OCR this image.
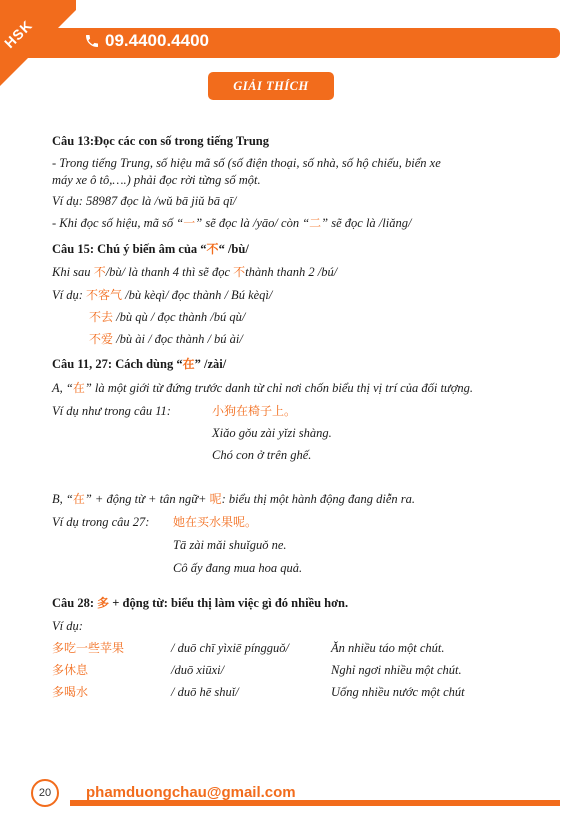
HSK	09.4400.4400
GIẢI THÍCH
Câu 13:Đọc các con số trong tiếng Trung
- Trong tiếng Trung, số hiệu mã số (số điện thoại, số nhà, số hộ chiếu, biển xe
máy xe ô tô,….) phải đọc rời từng số một.
Ví dụ: 58987 đọc là /wǔ bā jiǔ bā qī/
- Khi đọc số hiệu, mã số “一” sẽ đọc là /yāo/ còn “二” sẽ đọc là /liǎng/
Câu 15: Chú ý biến âm của “不“ /bù/
Khi sau 不/bù/ là thanh 4 thì sẽ đọc 不thành thanh 2 /bú/
Ví dụ: 不客气 /bù kèqì/ đọc thành / Bú kèqì/
不去 /bù qù / đọc thành /bú qù/
不爱 /bù ài / đọc thành / bú ài/
Câu 11, 27: Cách dùng “在” /zài/
A, “在” là một giới từ đứng trước danh từ chỉ nơi chốn biểu thị vị trí của đối tượng.
Ví dụ như trong câu 11:	小狗在椅子上。
Xiǎo gǒu zài yǐzi shàng.
Chó con ở trên ghế.
B, “在” + động từ + tân ngữ+ 呢: biểu thị một hành động đang diễn ra.
Ví dụ trong câu 27: 她在买水果呢。
Tā zài mǎi shuǐguǒ ne.
Cô ấy đang mua hoa quả.
Câu 28: 多 + động từ: biểu thị làm việc gì đó nhiều hơn.
Ví dụ:
多吃一些苹果	/ duō chī yìxiē píngguǒ/	Ăn nhiều táo một chút.
多休息	/duō xiūxi/	Nghỉ ngơi nhiều một chút.
多喝水	/ duō hē shuǐ/	Uống nhiều nước một chút
20	phamduongchau@gmail.com
